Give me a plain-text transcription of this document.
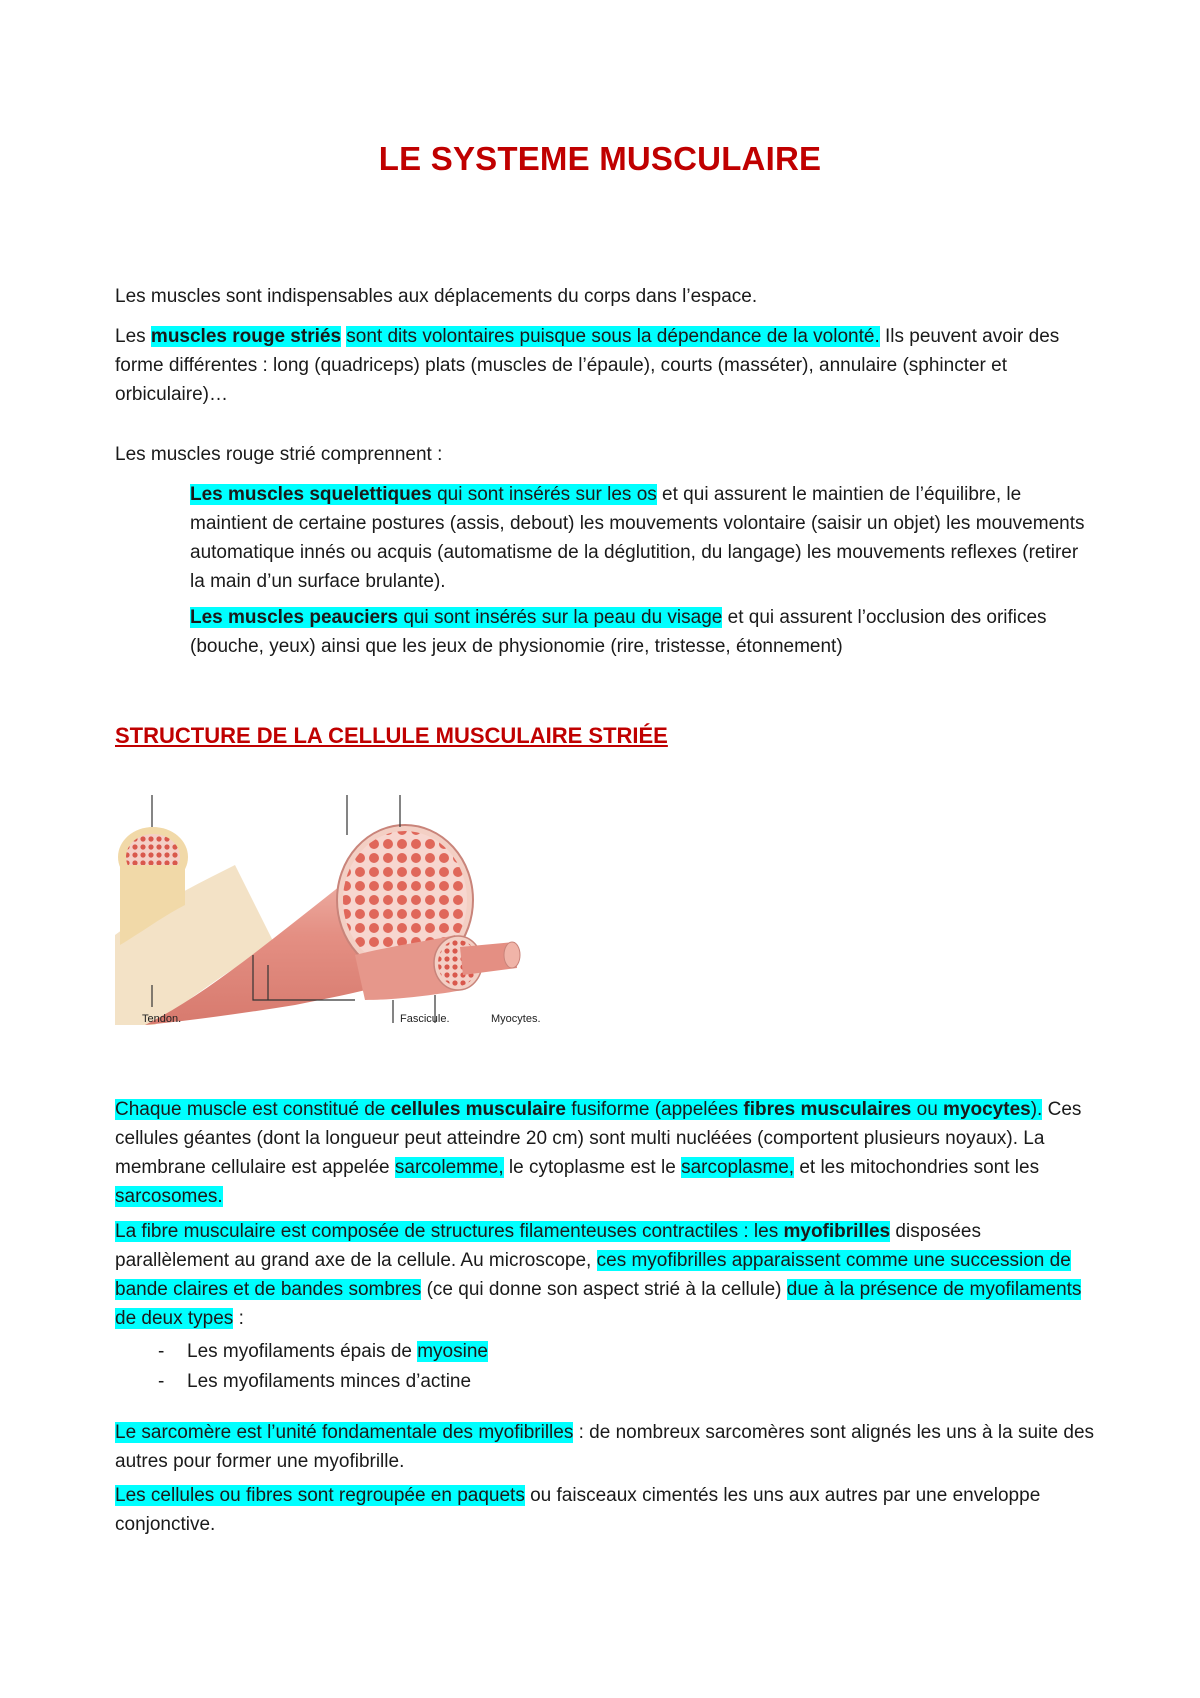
LE SYSTEME MUSCULAIRE

Les muscles sont indispensables aux déplacements du corps dans l’espace.

Les muscles rouge striés sont dits volontaires puisque sous la dépendance de la volonté. Ils peuvent avoir des forme différentes : long (quadriceps) plats (muscles de l’épaule), courts (masséter), annulaire (sphincter et orbiculaire)…

Les muscles rouge strié comprennent :

Les muscles squelettiques qui sont insérés sur les os et qui assurent le maintien de l’équilibre, le maintient de certaine postures (assis, debout) les mouvements volontaire (saisir un objet) les mouvements automatique innés ou acquis (automatisme de la déglutition, du langage) les mouvements reflexes (retirer la main d’un surface brulante).

Les muscles peauciers qui sont insérés sur la peau du visage et qui assurent l’occlusion des orifices (bouche, yeux) ainsi que les jeux de physionomie (rire, tristesse, étonnement)

STRUCTURE DE LA CELLULE MUSCULAIRE STRIÉE
Tendon.	Fascicule.	Myocytes.

Chaque muscle est constitué de cellules musculaire fusiforme (appelées fibres musculaires ou myocytes). Ces cellules géantes (dont la longueur peut atteindre 20 cm) sont multi nucléées (comportent plusieurs noyaux). La membrane cellulaire est appelée sarcolemme, le cytoplasme est le sarcoplasme, et les mitochondries sont les sarcosomes.

La fibre musculaire est composée de structures filamenteuses contractiles : les myofibrilles disposées parallèlement au grand axe de la cellule. Au microscope, ces myofibrilles apparaissent comme une succession de bande claires et de bandes sombres (ce qui donne son aspect strié à la cellule) due à la présence de myofilaments de deux types :

- Les myofilaments épais de myosine
- Les myofilaments minces d’actine

Le sarcomère est l’unité fondamentale des myofibrilles : de nombreux sarcomères sont alignés les uns à la suite des autres pour former une myofibrille.

Les cellules ou fibres sont regroupée en paquets ou faisceaux cimentés les uns aux autres par une enveloppe conjonctive.
